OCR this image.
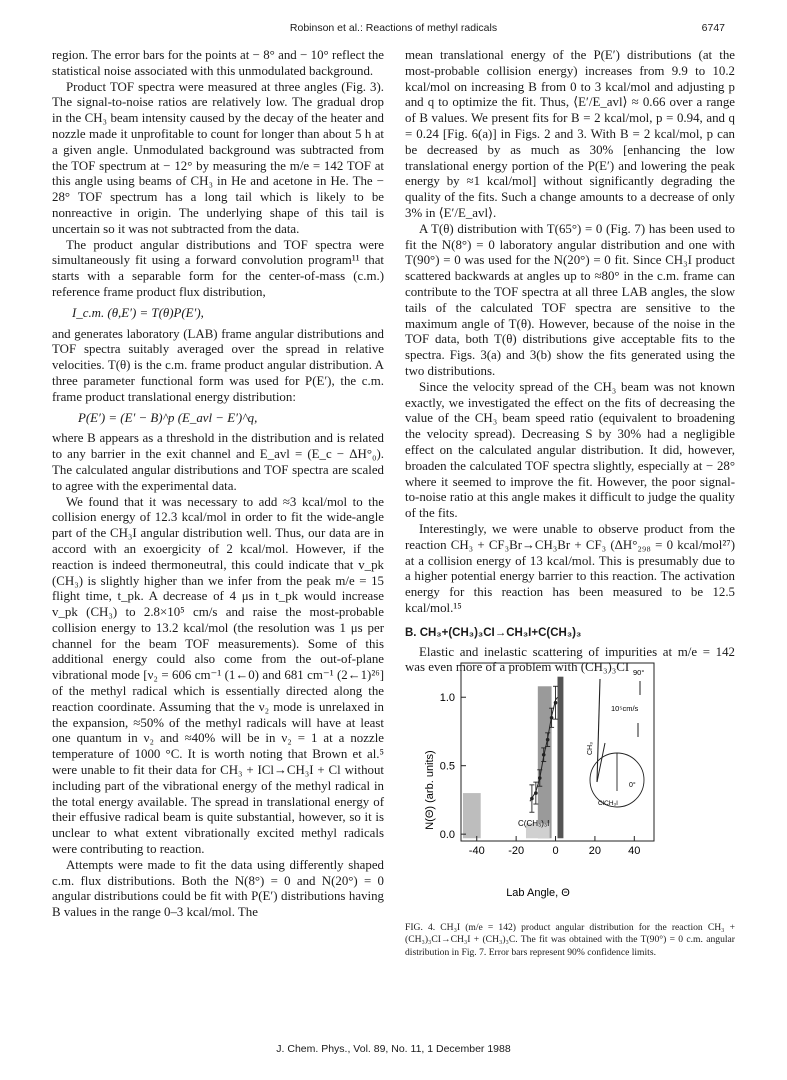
Robinson et al.: Reactions of methyl radicals	6747

region. The error bars for the points at − 8° and − 10° reflect the statistical noise associated with this unmodulated background.

Product TOF spectra were measured at three angles (Fig. 3). The signal-to-noise ratios are relatively low. The gradual drop in the CH₃ beam intensity caused by the decay of the heater and nozzle made it unprofitable to count for longer than about 5 h at a given angle. Unmodulated background was subtracted from the TOF spectrum at − 12° by measuring the m/e = 142 TOF at this angle using beams of CH₃ in He and acetone in He. The − 28° TOF spectrum has a long tail which is likely to be nonreactive in origin. The underlying shape of this tail is uncertain so it was not subtracted from the data.

The product angular distributions and TOF spectra were simultaneously fit using a forward convolution program¹¹ that starts with a separable form for the center-of-mass (c.m.) reference frame product flux distribution,

I_c.m. (θ,E′) = T(θ)P(E′),

and generates laboratory (LAB) frame angular distributions and TOF spectra suitably averaged over the spread in relative velocities. T(θ) is the c.m. frame product angular distribution. A three parameter functional form was used for P(E′), the c.m. frame product translational energy distribution:

P(E′) = (E′ − B)^p (E_avl − E′)^q,

where B appears as a threshold in the distribution and is related to any barrier in the exit channel and E_avl = (E_c − ΔH°₀). The calculated angular distributions and TOF spectra are scaled to agree with the experimental data.

We found that it was necessary to add ≈3 kcal/mol to the collision energy of 12.3 kcal/mol in order to fit the wide-angle part of the CH₃I angular distribution well. Thus, our data are in accord with an exoergicity of 2 kcal/mol. However, if the reaction is indeed thermoneutral, this could indicate that v_pk (CH₃) is slightly higher than we infer from the peak m/e = 15 flight time, t_pk. A decrease of 4 μs in t_pk would increase v_pk (CH₃) to 2.8×10⁵ cm/s and raise the most-probable collision energy to 13.2 kcal/mol (the resolution was 1 μs per channel for the beam TOF measurements). Some of this additional energy could also come from the out-of-plane vibrational mode [ν₂ = 606 cm⁻¹ (1←0) and 681 cm⁻¹ (2←1)²⁶] of the methyl radical which is essentially directed along the reaction coordinate. Assuming that the ν₂ mode is unrelaxed in the expansion, ≈50% of the methyl radicals will have at least one quantum in ν₂ and ≈40% will be in ν₂ = 1 at a nozzle temperature of 1000 °C. It is worth noting that Brown et al.⁵ were unable to fit their data for CH₃ + ICl→CH₃I + Cl without including part of the vibrational energy of the methyl radical in the total energy available. The spread in translational energy of their effusive radical beam is quite substantial, however, so it is unclear to what extent vibrationally excited methyl radicals were contributing to reaction.

Attempts were made to fit the data using differently shaped c.m. flux distributions. Both the N(8°) = 0 and N(20°) = 0 angular distributions could be fit with P(E′) distributions having B values in the range 0–3 kcal/mol. The

mean translational energy of the P(E′) distributions (at the most-probable collision energy) increases from 9.9 to 10.2 kcal/mol on increasing B from 0 to 3 kcal/mol and adjusting p and q to optimize the fit. Thus, ⟨E′/E_avl⟩ ≈ 0.66 over a range of B values. We present fits for B = 2 kcal/mol, p = 0.94, and q = 0.24 [Fig. 6(a)] in Figs. 2 and 3. With B = 2 kcal/mol, p can be decreased by as much as 30% [enhancing the low translational energy portion of the P(E′) and lowering the peak energy by ≈1 kcal/mol] without significantly degrading the quality of the fits. Such a change amounts to a decrease of only 3% in ⟨E′/E_avl⟩.

A T(θ) distribution with T(65°) = 0 (Fig. 7) has been used to fit the N(8°) = 0 laboratory angular distribution and one with T(90°) = 0 was used for the N(20°) = 0 fit. Since CH₃I product scattered backwards at angles up to ≈80° in the c.m. frame can contribute to the TOF spectra at all three LAB angles, the slow tails of the calculated TOF spectra are sensitive to the maximum angle of T(θ). However, because of the noise in the TOF data, both T(θ) distributions give acceptable fits to the spectra. Figs. 3(a) and 3(b) show the fits generated using the two distributions.

Since the velocity spread of the CH₃ beam was not known exactly, we investigated the effect on the fits of decreasing the value of the CH₃ beam speed ratio (equivalent to broadening the velocity spread). Decreasing S by 30% had a negligible effect on the calculated angular distribution. It did, however, broaden the calculated TOF spectra slightly, especially at − 28° where it seemed to improve the fit. However, the poor signal-to-noise ratio at this angle makes it difficult to judge the quality of the fits.

Interestingly, we were unable to observe product from the reaction CH₃ + CF₃Br→CH₃Br + CF₃ (ΔH°₂₉₈ = 0 kcal/mol²⁷) at a collision energy of 13 kcal/mol. This is presumably due to a higher potential energy barrier to this reaction. The activation energy for this reaction has been measured to be 12.5 kcal/mol.¹⁵

B. CH₃+(CH₃)₃CI→CH₃I+C(CH₃)₃

Elastic and inelastic scattering of impurities at m/e = 142 was even more of a problem with (CH₃)₃CI

-40 -20	0	20 40
0.0
0.5
1.0
90°
10⁵cm/s
CH₃
0°
ClCH₃I
C(CH₃)₃I
N(Θ) (arb. units)
Lab Angle, Θ
FIG. 4. CH₃I (m/e = 142) product angular distribution for the reaction CH₃ + (CH₃)₃CI→CH₃I + (CH₃)₃C. The fit was obtained with the T(90°) = 0 c.m. angular distribution in Fig. 7. Error bars represent 90% confidence limits.
J. Chem. Phys., Vol. 89, No. 11, 1 December 1988
